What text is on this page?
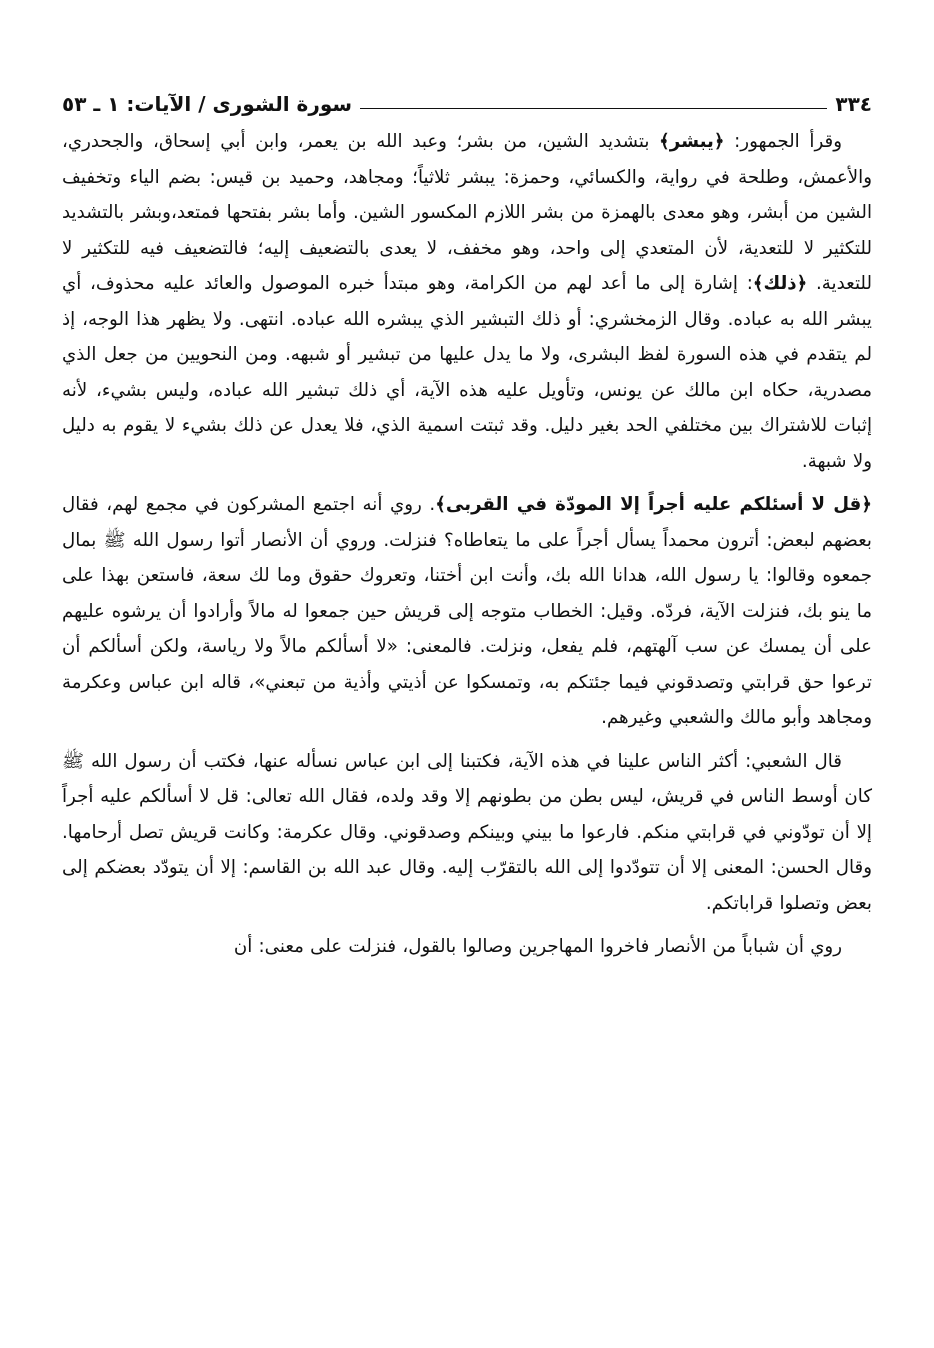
٣٣٤
سورة الشورى / الآيات: ١ ـ ٥٣

وقرأ الجمهور: ﴿يبشر﴾ بتشديد الشين، من بشر؛ وعبد الله بن يعمر، وابن أبي إسحاق، والجحدري، والأعمش، وطلحة في رواية، والكسائي، وحمزة: يبشر ثلاثياً؛ ومجاهد، وحميد بن قيس: بضم الياء وتخفيف الشين من أبشر، وهو معدى بالهمزة من بشر اللازم المكسور الشين. وأما بشر بفتحها فمتعد،وبشر بالتشديد للتكثير لا للتعدية، لأن المتعدي إلى واحد، وهو مخفف، لا يعدى بالتضعيف إليه؛ فالتضعيف فيه للتكثير لا للتعدية. ﴿ذلك﴾: إشارة إلى ما أعد لهم من الكرامة، وهو مبتدأ خبره الموصول والعائد عليه محذوف، أي يبشر الله به عباده. وقال الزمخشري: أو ذلك التبشير الذي يبشره الله عباده. انتهى. ولا يظهر هذا الوجه، إذ لم يتقدم في هذه السورة لفظ البشرى، ولا ما يدل عليها من تبشير أو شبهه. ومن النحويين من جعل الذي مصدرية، حكاه ابن مالك عن يونس، وتأويل عليه هذه الآية، أي ذلك تبشير الله عباده، وليس بشيء، لأنه إثبات للاشتراك بين مختلفي الحد بغير دليل. وقد ثبتت اسمية الذي، فلا يعدل عن ذلك بشيء لا يقوم به دليل ولا شبهة.

﴿قل لا أسئلكم عليه أجراً إلا المودّة في القربى﴾. روي أنه اجتمع المشركون في مجمع لهم، فقال بعضهم لبعض: أترون محمداً يسأل أجراً على ما يتعاطاه؟ فنزلت. وروي أن الأنصار أتوا رسول الله ﷺ بمال جمعوه وقالوا: يا رسول الله، هدانا الله بك، وأنت ابن أختنا، وتعروك حقوق وما لك سعة، فاستعن بهذا على ما ينو بك، فنزلت الآية، فردّه. وقيل: الخطاب متوجه إلى قريش حين جمعوا له مالاً وأرادوا أن يرشوه عليهم على أن يمسك عن سب آلهتهم، فلم يفعل، ونزلت. فالمعنى: «لا أسألكم مالاً ولا رياسة، ولكن أسألكم أن ترعوا حق قرابتي وتصدقوني فيما جئتكم به، وتمسكوا عن أذيتي وأذية من تبعني»، قاله ابن عباس وعكرمة ومجاهد وأبو مالك والشعبي وغيرهم.

قال الشعبي: أكثر الناس علينا في هذه الآية، فكتبنا إلى ابن عباس نسأله عنها، فكتب أن رسول الله ﷺ كان أوسط الناس في قريش، ليس بطن من بطونهم إلا وقد ولده، فقال الله تعالى: قل لا أسألكم عليه أجراً إلا أن تودّوني في قرابتي منكم. فارعوا ما بيني وبينكم وصدقوني. وقال عكرمة: وكانت قريش تصل أرحامها. وقال الحسن: المعنى إلا أن تتودّدوا إلى الله بالتقرّب إليه. وقال عبد الله بن القاسم: إلا أن يتودّد بعضكم إلى بعض وتصلوا قراباتكم.

روي أن شباباً من الأنصار فاخروا المهاجرين وصالوا بالقول، فنزلت على معنى: أن
